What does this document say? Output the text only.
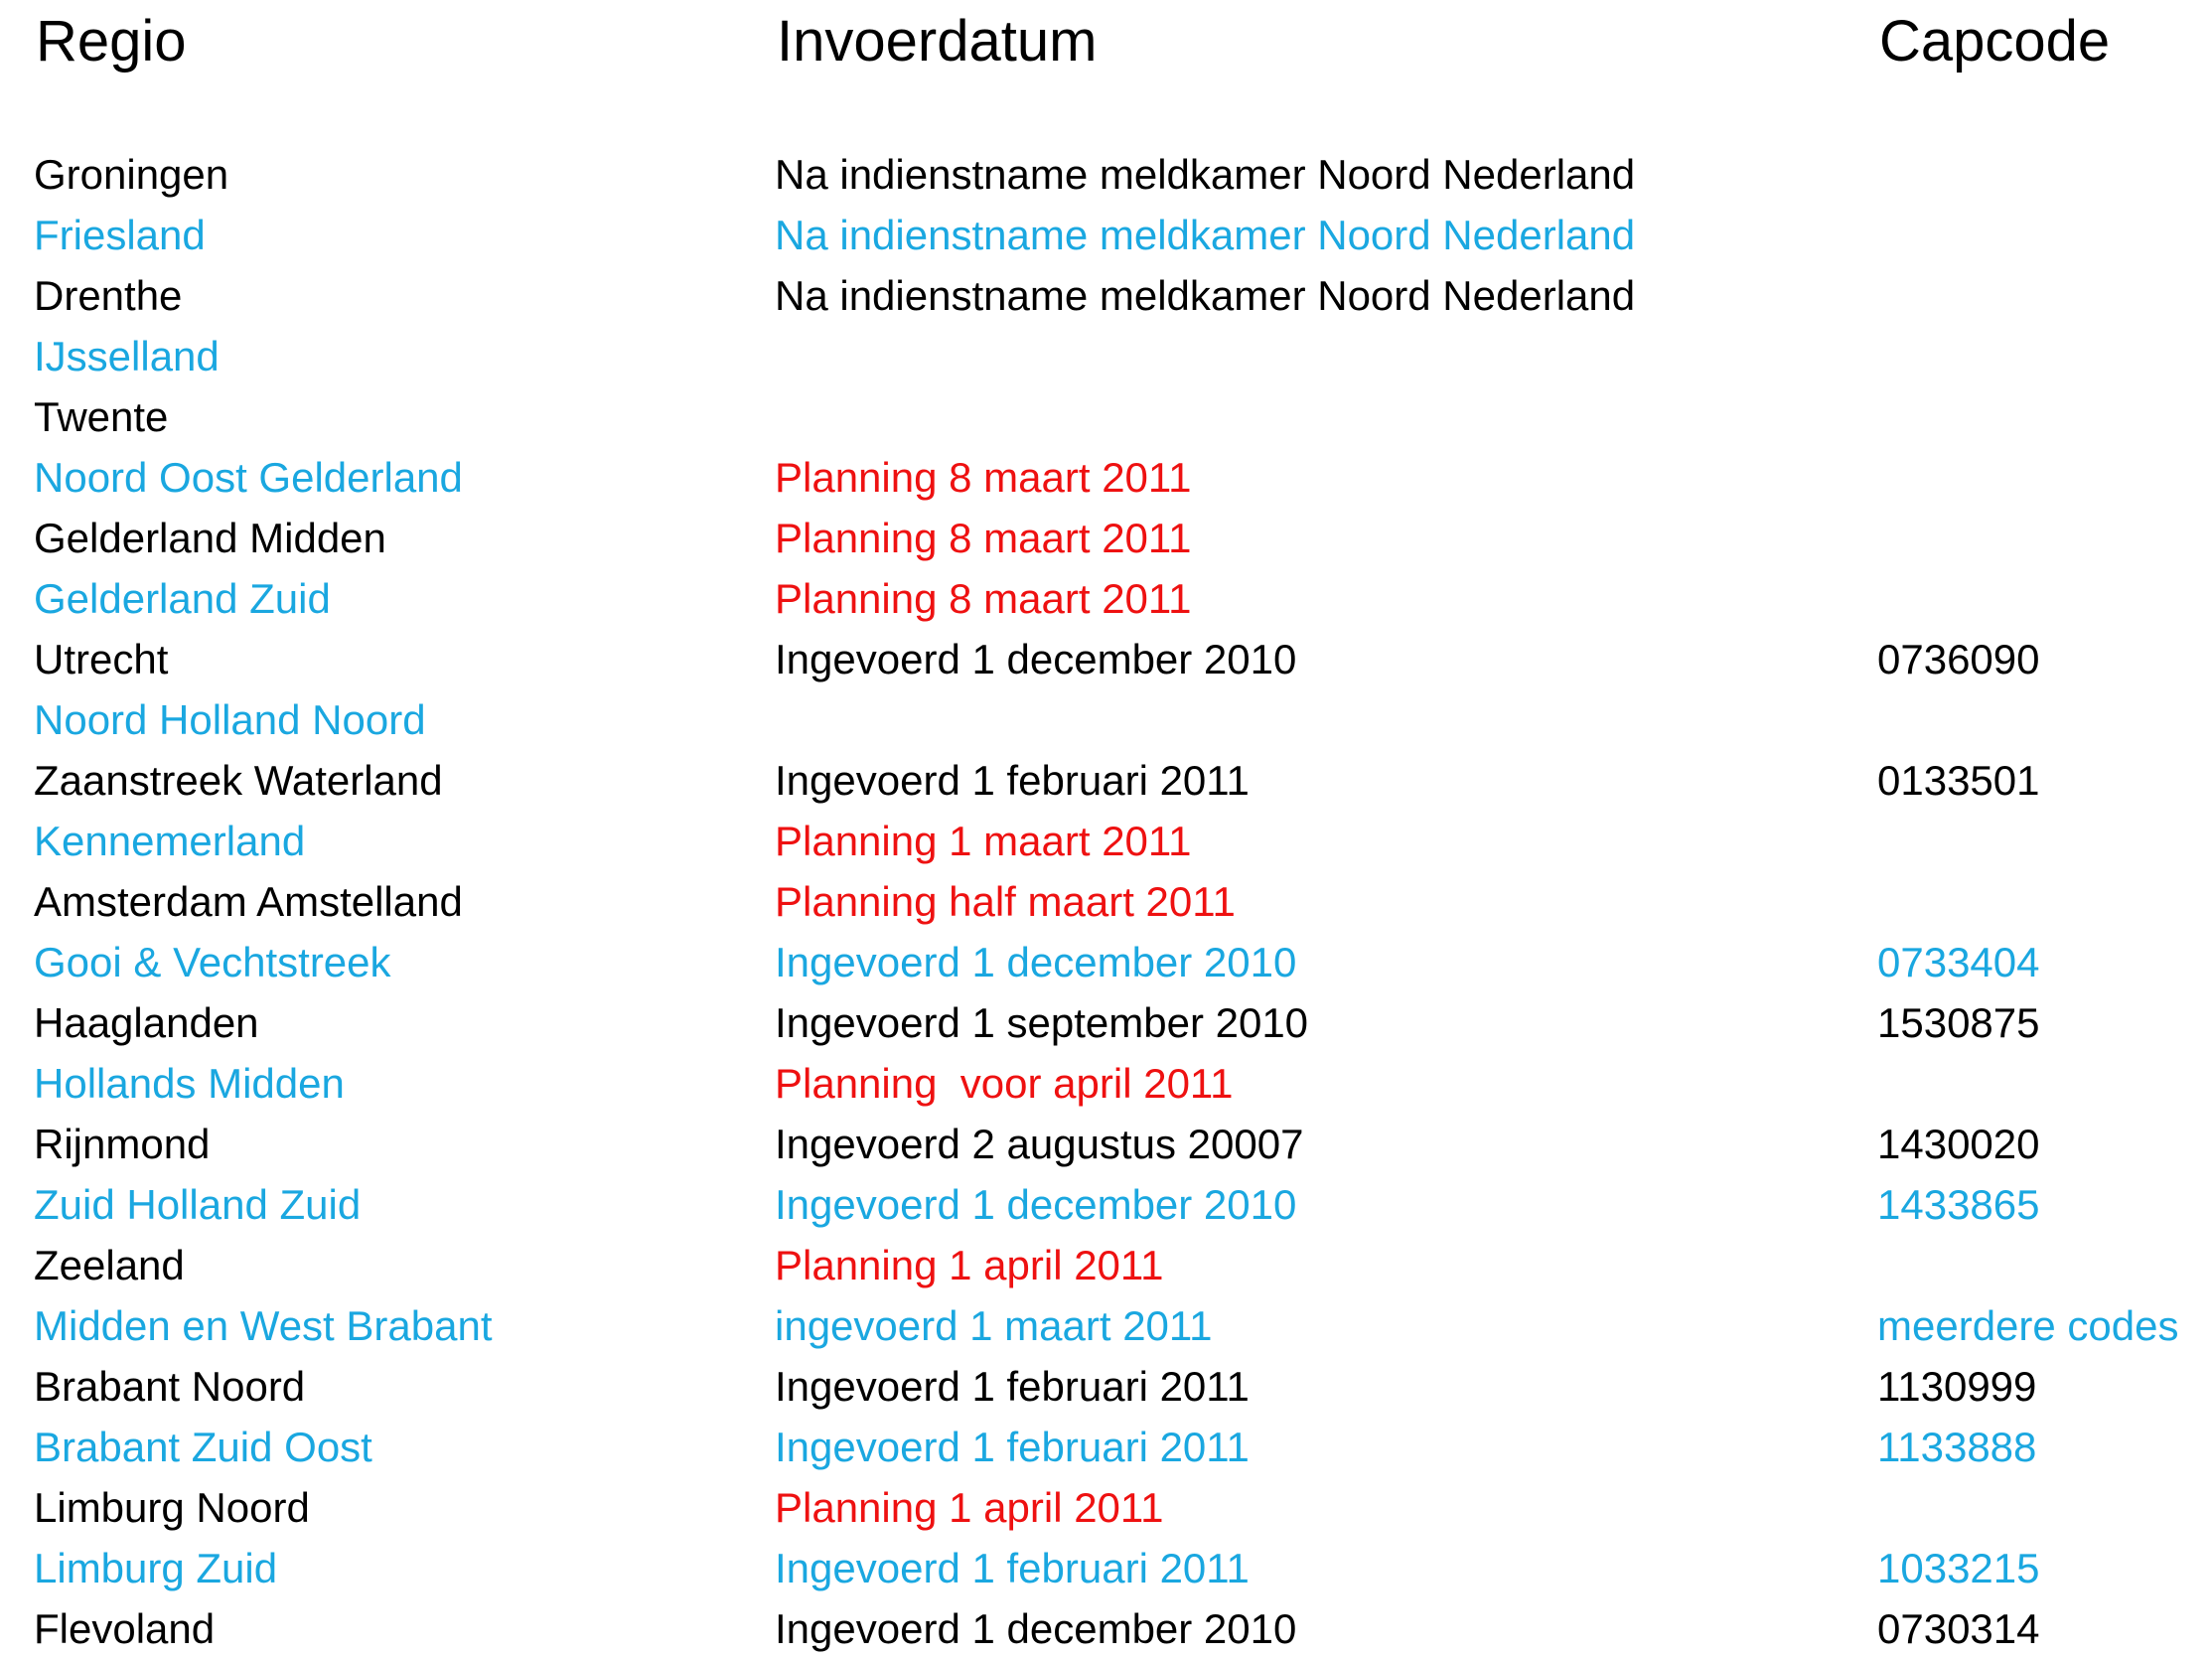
Regio	Invoerdatum	Capcode
Groningen	Na indienstname meldkamer Noord Nederland
Friesland	Na indienstname meldkamer Noord Nederland
Drenthe	Na indienstname meldkamer Noord Nederland
IJsselland
Twente
Noord Oost Gelderland	Planning 8 maart 2011
Gelderland Midden	Planning 8 maart 2011
Gelderland Zuid	Planning 8 maart 2011
Utrecht	Ingevoerd 1 december 2010	0736090
Noord Holland Noord
Zaanstreek Waterland	Ingevoerd 1 februari 2011	0133501
Kennemerland	Planning 1 maart 2011
Amsterdam Amstelland	Planning half maart 2011
Gooi & Vechtstreek	Ingevoerd 1 december 2010	0733404
Haaglanden	Ingevoerd 1 september 2010	1530875
Hollands Midden	Planning  voor april 2011
Rijnmond	Ingevoerd 2 augustus 20007	1430020
Zuid Holland Zuid	Ingevoerd 1 december 2010	1433865
Zeeland	Planning 1 april 2011
Midden en West Brabant	ingevoerd 1 maart 2011	meerdere codes
Brabant Noord	Ingevoerd 1 februari 2011	1130999
Brabant Zuid Oost	Ingevoerd 1 februari 2011	1133888
Limburg Noord	Planning 1 april 2011
Limburg Zuid	Ingevoerd 1 februari 2011	1033215
Flevoland	Ingevoerd 1 december 2010	0730314
